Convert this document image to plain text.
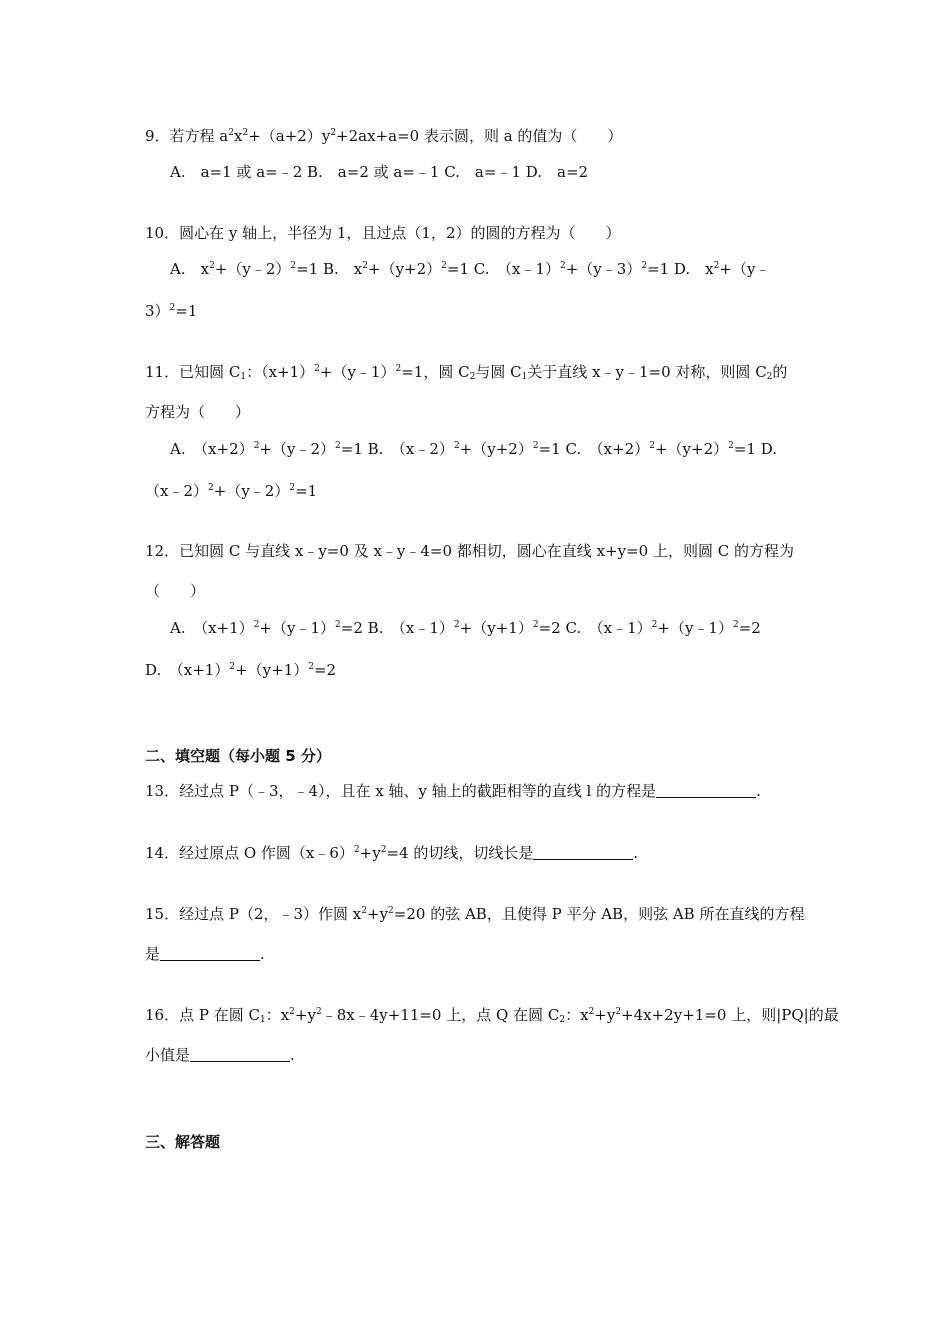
9．若方程 $a^2x^2+(a+2)y^2+2ax+a=0$ 表示圆，则 a 的值为（　　）
A.　a=1 或 a=﹣2 B.　a=2 或 a=﹣1 C.　a=﹣1 D.　a=2
10．圆心在 y 轴上，半径为 1，且过点（1，2）的圆的方程为（　　）
A.　$x^2+(y﹣2)^2=1$ B.　$x^2+(y+2)^2=1$ C.　（x﹣1）$^2$+（y﹣3）$^2$=1 D.　$x^2+(y﹣$
3）$^2$=1
11．已知圆 $C_1$：$(x+1)^2+(y﹣1)^2=1$，圆 $C_2$与圆 $C_1$关于直线 x﹣y﹣1=0 对称，则圆 $C_2$的
方程为（　　）
A.　$(x+2)^2+(y﹣2)^2=1$ B.　$(x﹣2)^2+(y+2)^2=1$ C.　$(x+2)^2+(y+2)^2=1$ D.
（x﹣2）$^2$+（y﹣2）$^2$=1
12．已知圆 C 与直线 x﹣y=0 及 x﹣y﹣4=0 都相切，圆心在直线 x+y=0 上，则圆 C 的方程为
（　　）
A.　$(x+1)^2+(y﹣1)^2=2$ B.　$(x﹣1)^2+(y+1)^2=2$ C.　（x﹣1）$^2$+（y﹣1）$^2$=2
D.　$(x+1)^2+(y+1)^2=2$
二、填空题（每小题 5 分）
13．经过点 P（﹣3，﹣4），且在 x 轴、y 轴上的截距相等的直线 l 的方程是	.
14．经过原点 O 作圆$(x﹣6)^2+y^2=4$ 的切线，切线长是	.
15．经过点 P（2，﹣3）作圆 $x^2+y^2=20$ 的弦 AB，且使得 P 平分 AB，则弦 AB 所在直线的方程
是	.
16．点 P 在圆 $C_1$：$x^2+y^2﹣8x﹣4y+11=0$ 上，点 Q 在圆 $C_2$：$x^2+y^2+4x+2y+1=0$ 上，则|PQ|的最
小值是	.
三、解答题
